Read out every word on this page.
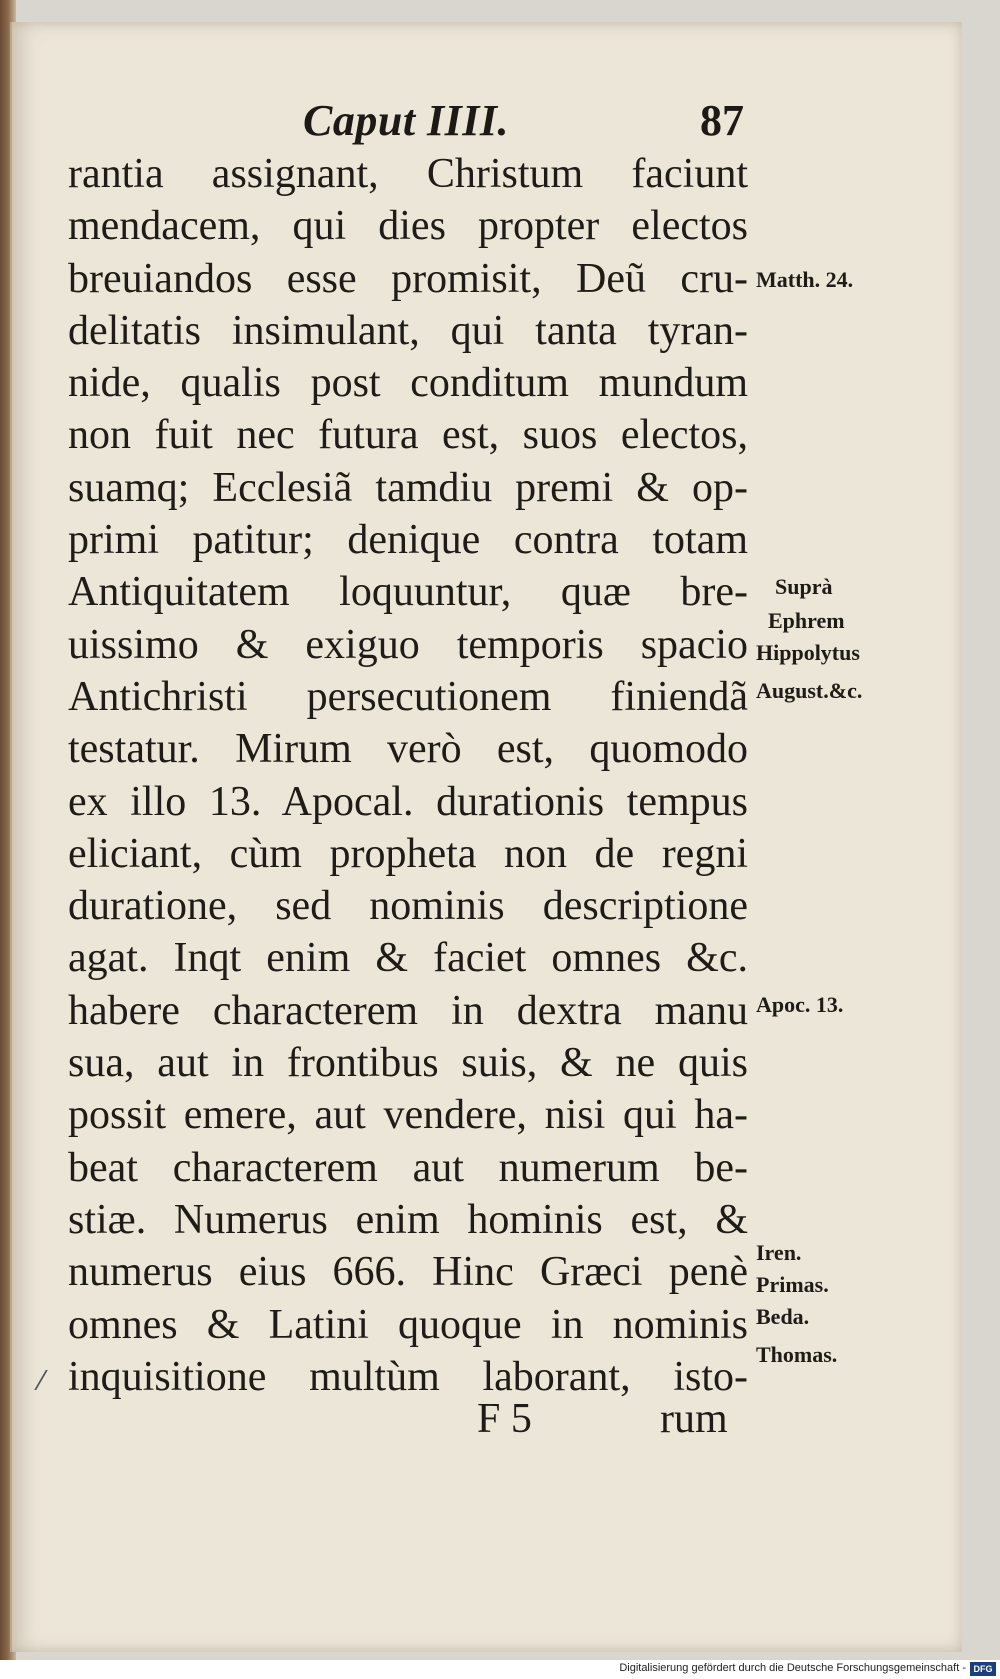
Caput IIII.	87
rantia assignant, Christum faciunt
mendacem, qui dies propter electos
breuiandos esse promisit, Deũ cru-
delitatis insimulant, qui tanta tyran-
nide, qualis post conditum mundum
non fuit nec futura est, suos electos,
suamq; Ecclesiã tamdiu premi & op-
primi patitur; denique contra totam
Antiquitatem loquuntur, quæ bre-
uissimo & exiguo temporis spacio
Antichristi persecutionem finiendã
testatur. Mirum verò est, quomodo
ex illo 13. Apocal. durationis tempus
eliciant, cùm propheta non de regni
duratione, sed nominis descriptione
agat. Inqt enim & faciet omnes &c.
habere characterem in dextra manu
sua, aut in frontibus suis, & ne quis
possit emere, aut vendere, nisi qui ha-
beat characterem aut numerum be-
stiæ. Numerus enim hominis est, &
numerus eius 666. Hinc Græci penè
omnes & Latini quoque in nominis
inquisitione multùm laborant, isto-
Matth. 24.
Suprà
Ephrem
Hippolytus
August.&c.
Apoc. 13.
Iren.
Primas.
Beda.
Thomas.
F 5	rum
Digitalisierung gefördert durch die Deutsche Forschungsgemeinschaft - DFG
